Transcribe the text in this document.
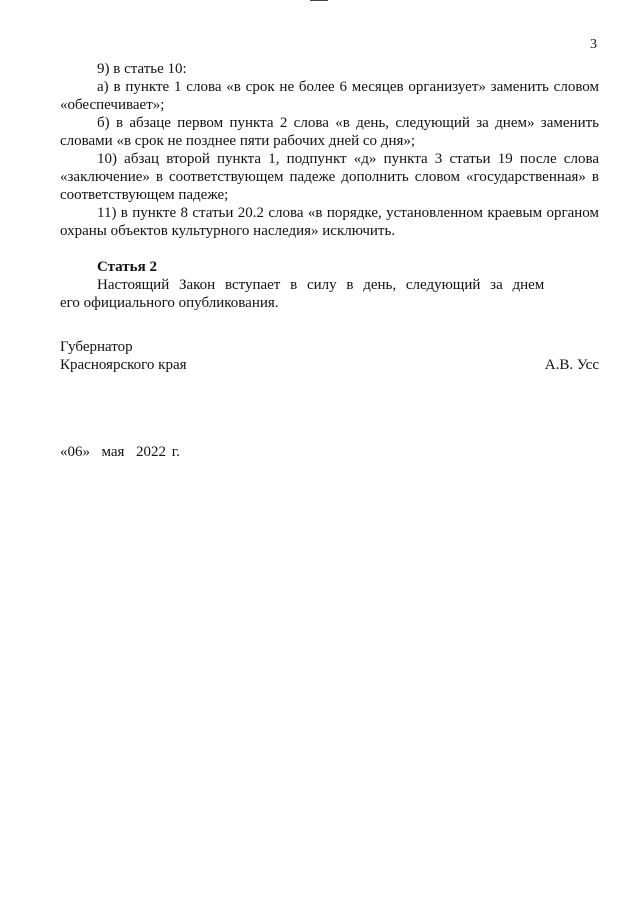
3

9) в статье 10:

а) в пункте 1 слова «в срок не более 6 месяцев организует» заменить словом «обеспечивает»;

б) в абзаце первом пункта 2 слова «в день, следующий за днем» заменить словами «в срок не позднее пяти рабочих дней со дня»;

10) абзац второй пункта 1, подпункт «д» пункта 3 статьи 19 после слова «заключение» в соответствующем падеже дополнить словом «государственная» в соответствующем падеже;

11) в пункте 8 статьи 20.2 слова «в порядке, установленном краевым органом охраны объектов культурного наследия» исключить.

Статья 2

Настоящий Закон вступает в силу в день, следующий за днем

его официального опубликования.

Губернатор
Красноярского края	А.В. Усс
«06»  мая  2022 г.
